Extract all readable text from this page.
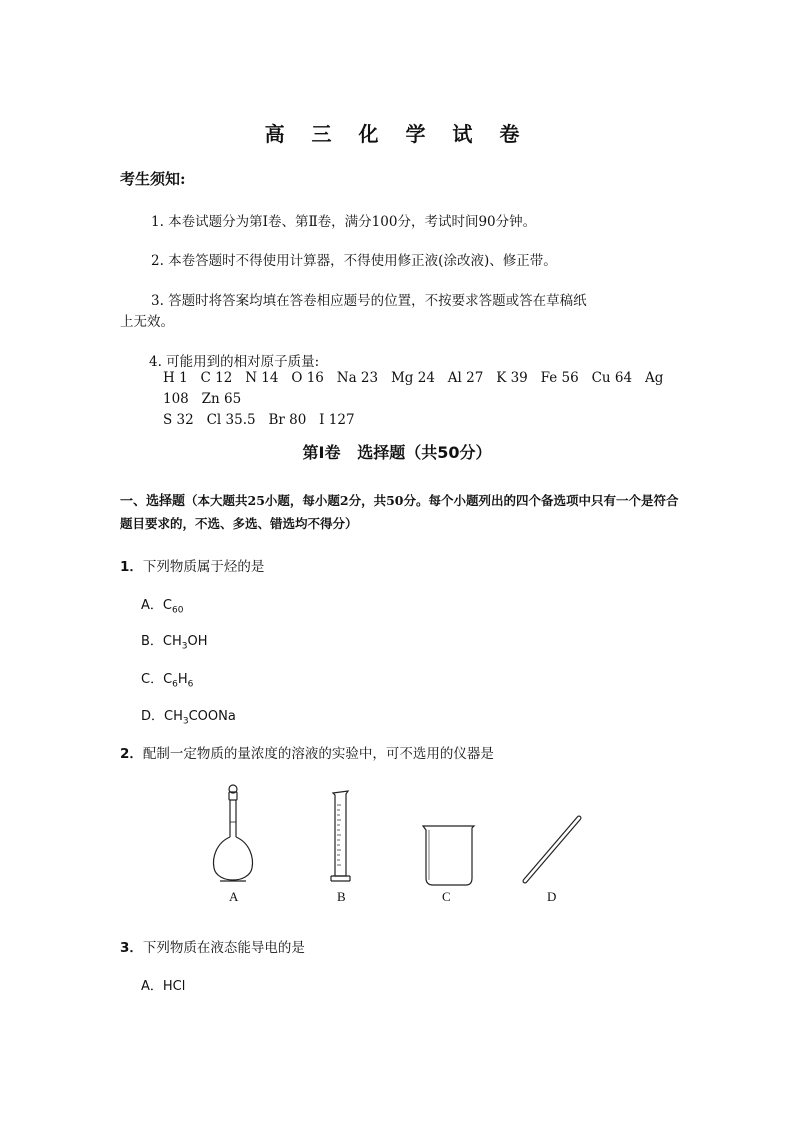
高 三 化 学 试 卷
考生须知:
1. 本卷试题分为第Ⅰ卷、第Ⅱ卷，满分100分，考试时间90分钟。
2. 本卷答题时不得使用计算器，不得使用修正液(涂改液)、修正带。
3. 答题时将答案均填在答卷相应题号的位置，不按要求答题或答在草稿纸
上无效。
4. 可能用到的相对原子质量:
H 1   C 12   N 14   O 16   Na 23   Mg 24   Al 27   K 39   Fe 56   Cu 64   Ag
108   Zn 65
S 32   Cl 35.5   Br 80   I 127
第Ⅰ卷   选择题（共50分）
一、选择题（本大题共25小题，每小题2分，共50分。每个小题列出的四个备选项中只有一个是符合题目要求的，不选、多选、错选均不得分）
1．下列物质属于烃的是
A．$C_{60}$
B．$CH_3OH$
C．$C_6H_6$
D．$CH_3COONa$
2．配制一定物质的量浓度的溶液的实验中，可不选用的仪器是
A	B	C	D
3．下列物质在液态能导电的是
A．HCl
